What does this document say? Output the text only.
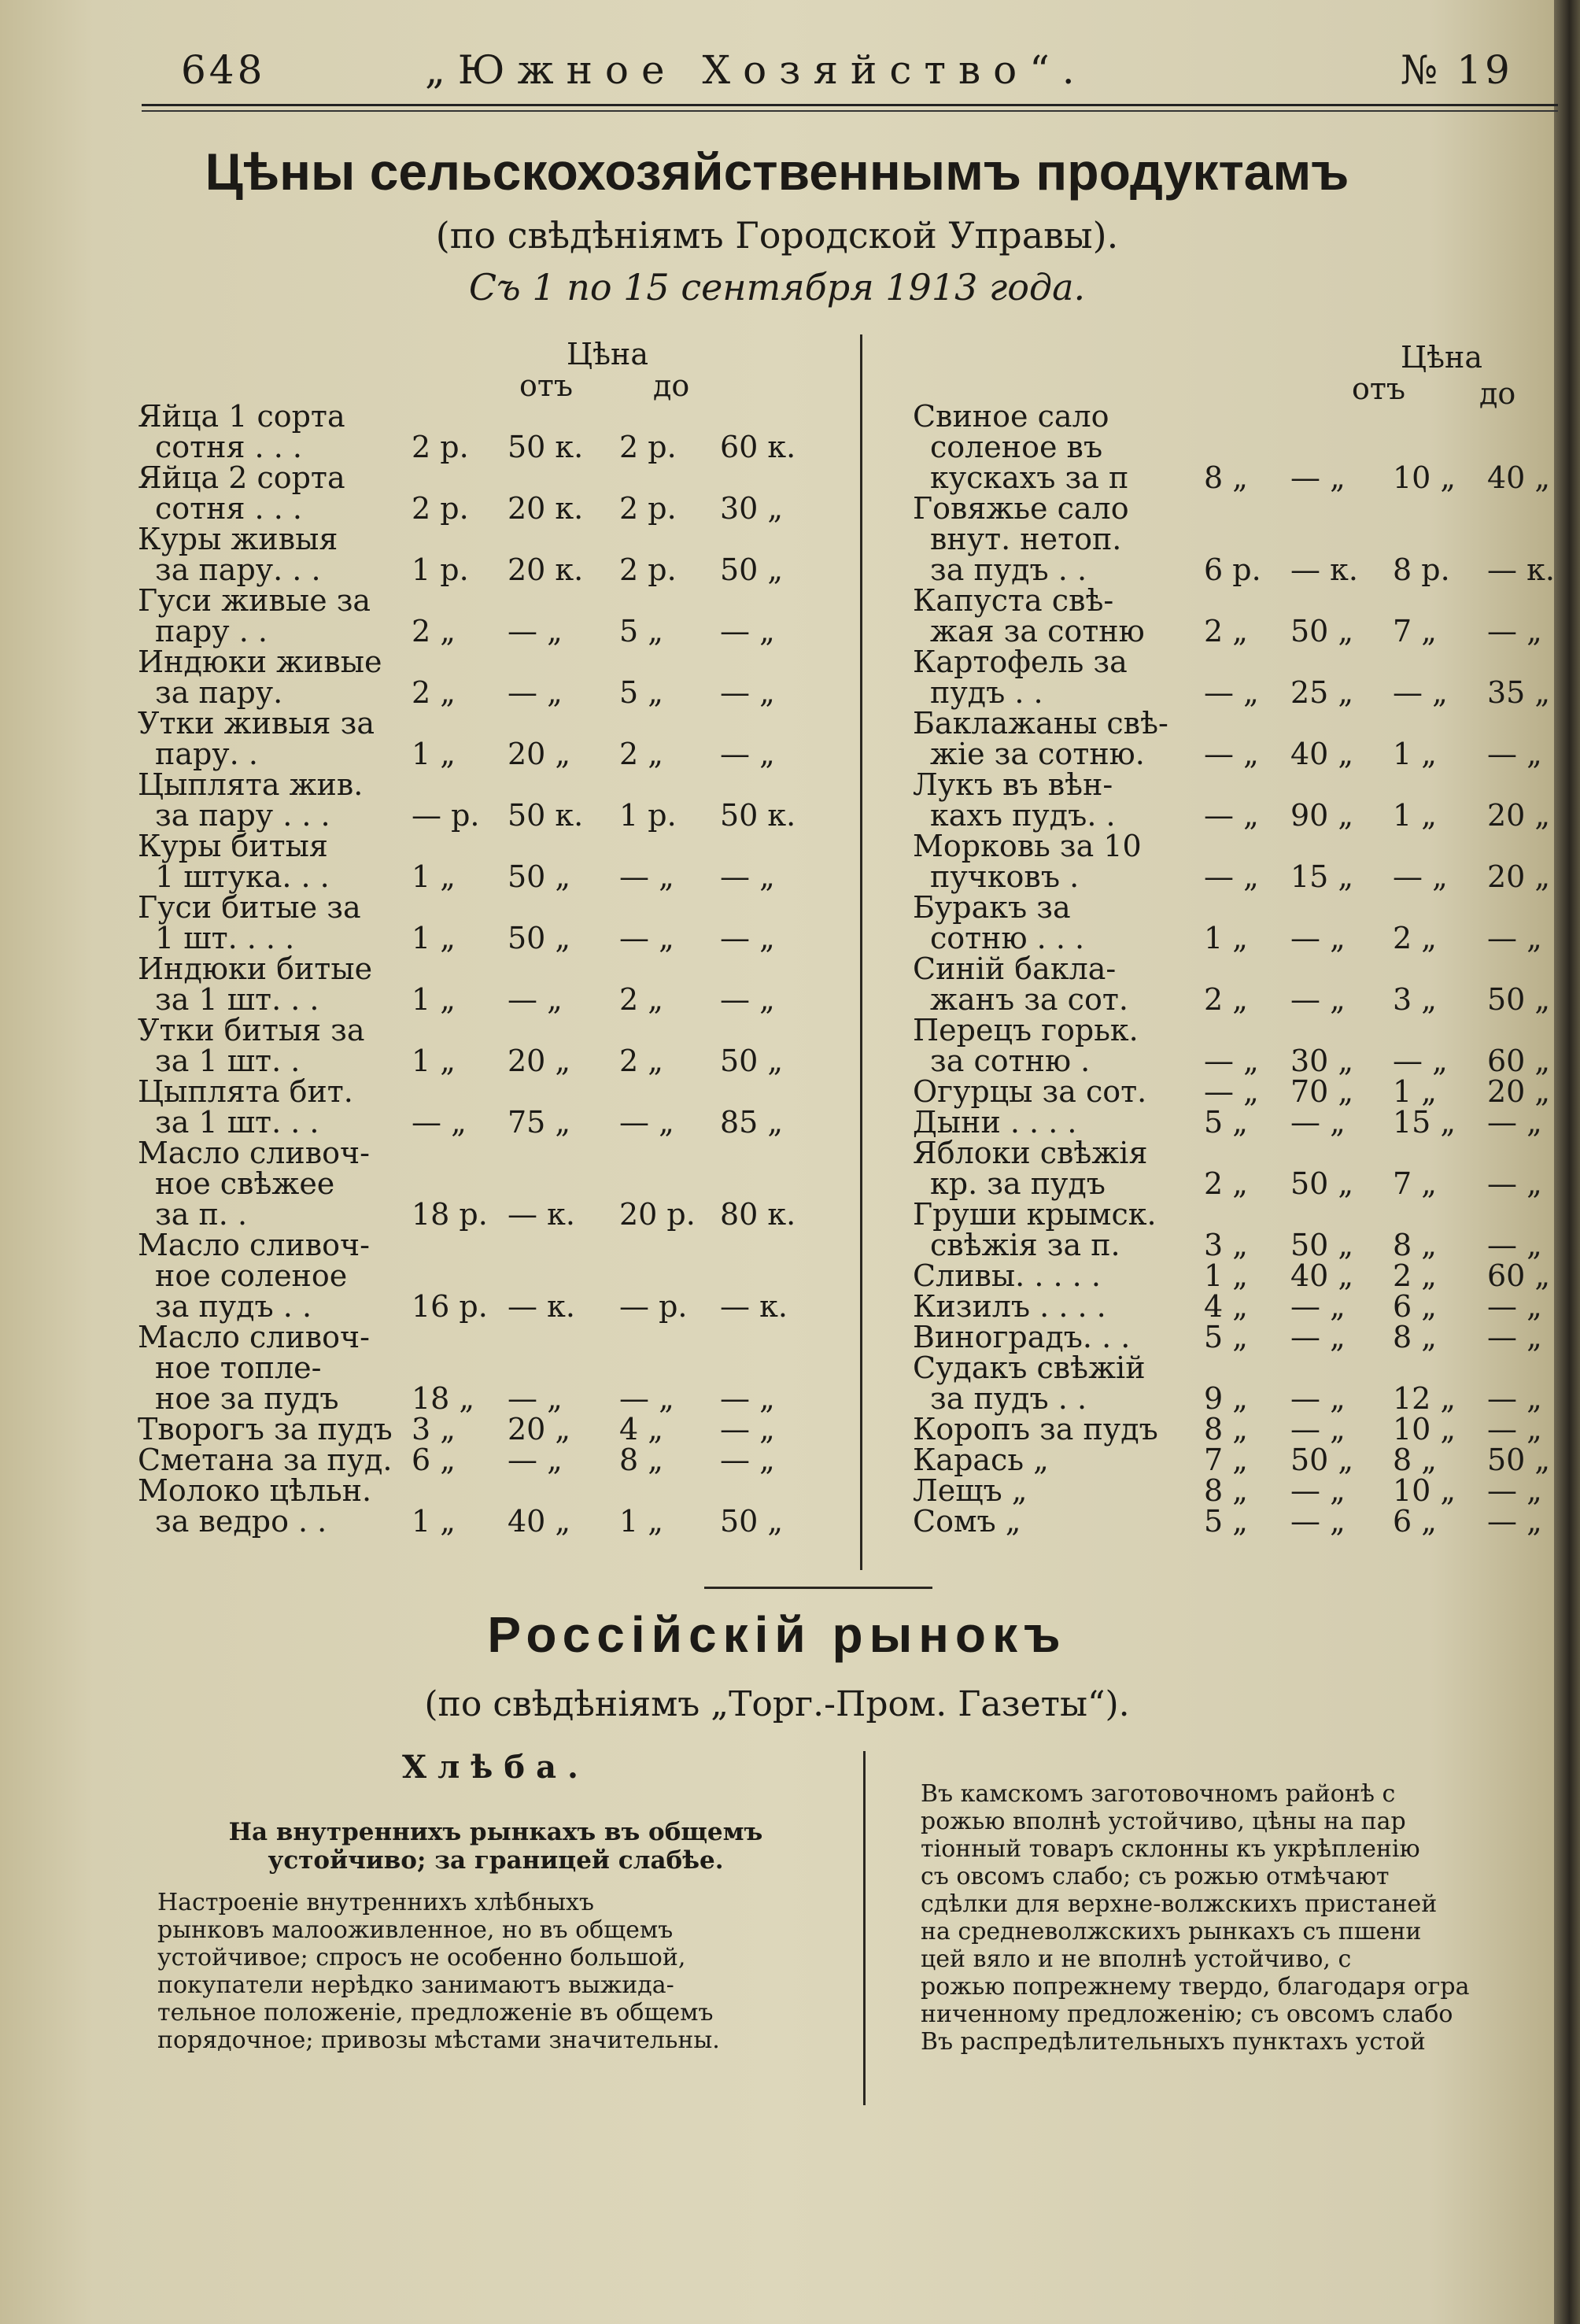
648	„Южное Хозяйство“.	№ 19
Цѣны сельскохозяйственнымъ продуктамъ
(по свѣдѣніямъ Городской Управы).
Съ 1 по 15 сентября 1913 года.
Цѣна
отъ	до
Цѣна
отъ до
Яйца 1 сорта
сотня . . .	2 р. 50 к. 2 р. 60 к.
Яйца 2 сорта
сотня . . .	2 р. 20 к. 2 р. 30 „
Куры живыя
за пару. . .	1 р. 20 к. 2 р. 50 „
Гуси живые за
пару . .	2 „ — „ 5 „ — „
Индюки живые
за пару.	2 „ — „ 5 „ — „
Утки живыя за
пару. .	1 „ 20 „ 2 „ — „
Цыплята жив.
за пару . . .	— р. 50 к. 1 р. 50 к.
Куры битыя
1 штука. . .	1 „ 50 „ — „ — „
Гуси битые за
1 шт. . . .	1 „ 50 „ — „ — „
Индюки битые
за 1 шт. . .	1 „ — „ 2 „ — „
Утки битыя за
за 1 шт. .	1 „ 20 „ 2 „ 50 „
Цыплята бит.
за 1 шт. . .	— „ 75 „ — „ 85 „
Масло сливоч-
ное свѣжее
за п. .	18 р. — к. 20 р. 80 к.
Масло сливоч-
ное соленое
за пудъ . .	16 р. — к. — р. — к.
Масло сливоч-
ное топле-
ное за пудъ 18 „ — „ — „ — „
Творогъ за пудъ 3 „ 20 „ 4 „ — „
Сметана за пуд. 6 „ — „ 8 „ — „
Молоко цѣльн.
за ведро . .	1 „ 40 „ 1 „ 50 „
Свиное сало
соленое въ
кускахъ за п	8 „ — „ 10 „ 40 „
Говяжье сало
внут. нетоп.
за пудъ . .	6 р. — к. 8 р. — к.
Капуста свѣ-
жая за сотню 2 „ 50 „ 7 „ — „
Картофель за
пудъ . .	— „ 25 „ — „ 35 „
Баклажаны свѣ-
жіе за сотню. — „ 40 „ 1 „ — „
Лукъ въ вѣн-
кахъ пудъ. .	— „ 90 „ 1 „ 20 „
Морковь за 10
пучковъ .	— „ 15 „ — „ 20 „
Буракъ за
сотню . . .	1 „ — „ 2 „ — „
Синій бакла-
жанъ за сот.	2 „ — „ 3 „ 50 „
Перецъ горьк.
за сотню .	— „ 30 „ — „ 60 „
Огурцы за сот. — „ 70 „ 1 „ 20 „
Дыни . . . .	5 „ — „ 15 „ — „
Яблоки свѣжія
кр. за пудъ	2 „ 50 „ 7 „ — „
Груши крымск.
свѣжія за п.	3 „ 50 „ 8 „ — „
Сливы. . . . .	1 „ 40 „ 2 „ 60 „
Кизилъ . . . .	4 „ — „ 6 „ — „
Виноградъ. . . 5 „ — „ 8 „ — „
Судакъ свѣжій
за пудъ . .	9 „ — „ 12 „ — „
Коропъ за пудъ 8 „ — „ 10 „ — „
Карась „	7 „ 50 „ 8 „ 50 „
Лещъ „	8 „ — „ 10 „ — „
Сомъ „	5 „ — „ 6 „ — „
Россійскій рынокъ
(по свѣдѣніямъ „Торг.-Пром. Газеты“).
Хлѣба.
На внутреннихъ рынкахъ въ общемъ
устойчиво; за границей слабѣе.
Настроеніе внутреннихъ хлѣбныхъ
рынковъ малооживленное, но въ общемъ
устойчивое; спросъ не особенно большой,
покупатели нерѣдко занимаютъ выжида-
тельное положеніе, предложеніе въ общемъ
порядочное; привозы мѣстами значительны.
Въ камскомъ заготовочномъ районѣ с
рожью вполнѣ устойчиво, цѣны на пар
тіонный товаръ склонны къ укрѣпленію
съ овсомъ слабо; съ рожью отмѣчают
сдѣлки для верхне-волжскихъ пристаней
на средневолжскихъ рынкахъ съ пшени
цей вяло и не вполнѣ устойчиво, с
рожью попрежнему твердо, благодаря огра
ниченному предложенію; съ овсомъ слабо
Въ распредѣлительныхъ пунктахъ устой
